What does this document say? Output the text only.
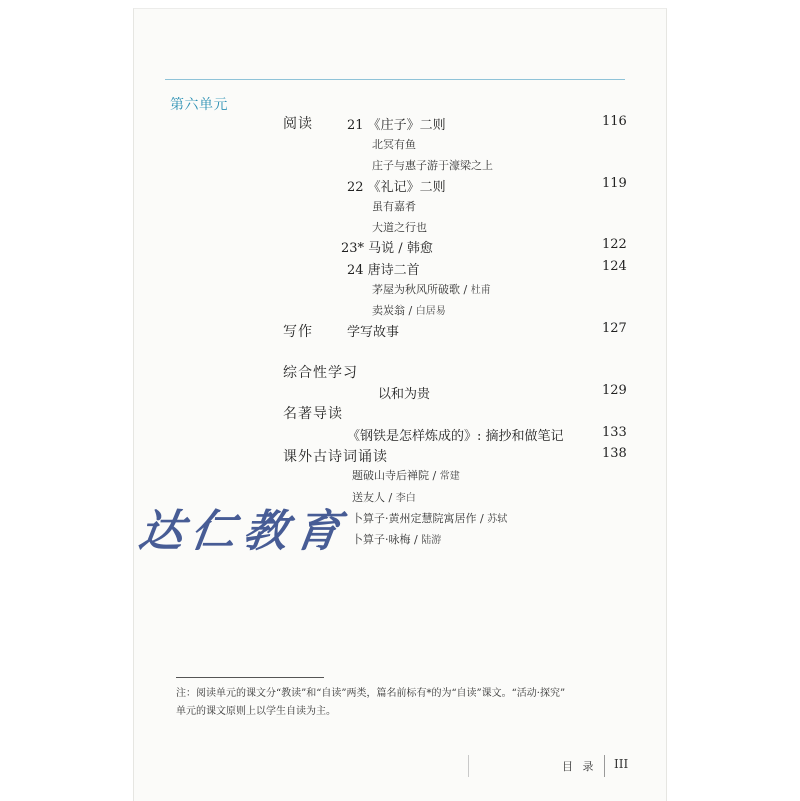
第六单元
阅读	21 《庄子》二则	116
北冥有鱼
庄子与惠子游于濠梁之上
22 《礼记》二则	119
虽有嘉肴
大道之行也
23* 马说 / 韩愈	122
24 唐诗二首	124
茅屋为秋风所破歌 / 杜甫
卖炭翁 / 白居易
写作	学写故事	127
综合性学习
以和为贵	129
名著导读
《钢铁是怎样炼成的》: 摘抄和做笔记	133
课外古诗词诵读	138
题破山寺后禅院 / 常建
送友人 / 李白
卜算子·黄州定慧院寓居作 / 苏轼
卜算子·咏梅 / 陆游
达仁教育
注：阅读单元的课文分“教读”和“自读”两类，篇名前标有*的为“自读”课文。“活动·探究”
单元的课文原则上以学生自读为主。
目 录 III
